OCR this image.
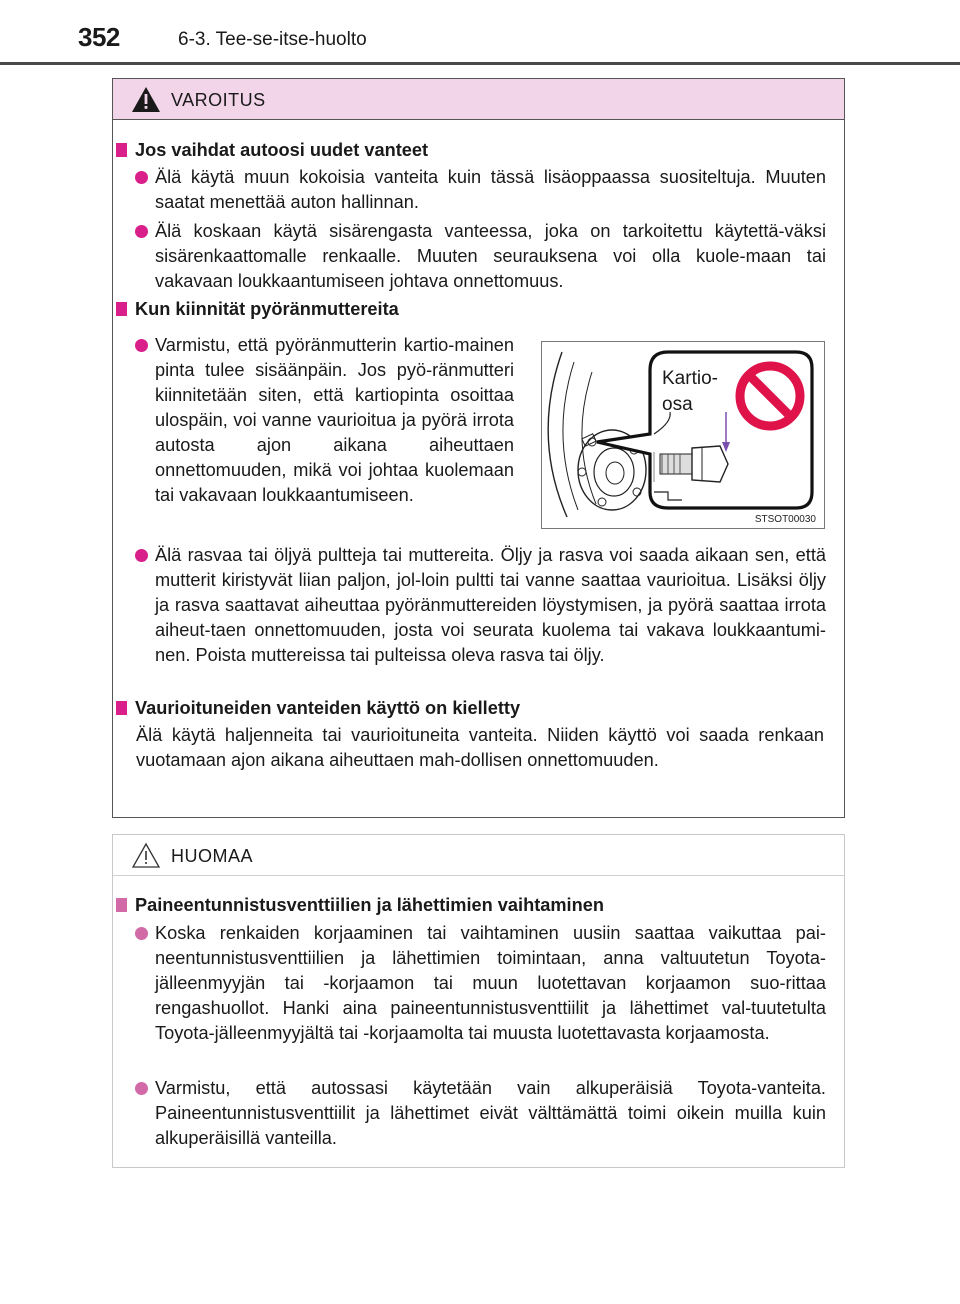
352	6-3. Tee-se-itse-huolto
VAROITUS
Jos vaihdat autoosi uudet vanteet
Älä käytä muun kokoisia vanteita kuin tässä lisäoppaassa suositeltuja. Muuten saatat menettää auton hallinnan.
Älä koskaan käytä sisärengasta vanteessa, joka on tarkoitettu käytettä-väksi sisärenkaattomalle renkaalle. Muuten seurauksena voi olla kuole-maan tai vakavaan loukkaantumiseen johtava onnettomuus.
Kun kiinnität pyöränmuttereita
Varmistu, että pyöränmutterin kartio-mainen pinta tulee sisäänpäin. Jos pyö-ränmutteri kiinnitetään siten, että kartiopinta osoittaa ulospäin, voi vanne vaurioitua ja pyörä irrota autosta ajon aikana aiheuttaen onnettomuuden, mikä voi johtaa kuolemaan tai vakavaan loukkaantumiseen.
Älä rasvaa tai öljyä pultteja tai muttereita. Öljy ja rasva voi saada aikaan sen, että mutterit kiristyvät liian paljon, jol-loin pultti tai vanne saattaa vaurioitua. Lisäksi öljy ja rasva saattavat aiheuttaa pyöränmuttereiden löystymisen, ja pyörä saattaa irrota aiheut-taen onnettomuuden, josta voi seurata kuolema tai vakava loukkaantumi-nen. Poista muttereissa tai pulteissa oleva rasva tai öljy.
Vaurioituneiden vanteiden käyttö on kielletty
Älä käytä haljenneita tai vaurioituneita vanteita. Niiden käyttö voi saada renkaan vuotamaan ajon aikana aiheuttaen mah-dollisen onnettomuuden.
Kartio-
osa
STSOT00030
HUOMAA
Paineentunnistusventtiilien ja lähettimien vaihtaminen
Koska renkaiden korjaaminen tai vaihtaminen uusiin saattaa vaikuttaa pai-neentunnistusventtiilien ja lähettimien toimintaan, anna valtuutetun Toyota-jälleenmyyjän tai -korjaamon tai muun luotettavan korjaamon suo-rittaa rengashuollot. Hanki aina paineentunnistusventtiilit ja lähettimet val-tuutetulta Toyota-jälleenmyyjältä tai -korjaamolta tai muusta luotettavasta korjaamosta.
Varmistu, että autossasi käytetään vain alkuperäisiä Toyota-vanteita. Paineentunnistusventtiilit ja lähettimet eivät välttämättä toimi oikein muilla kuin alkuperäisillä vanteilla.
